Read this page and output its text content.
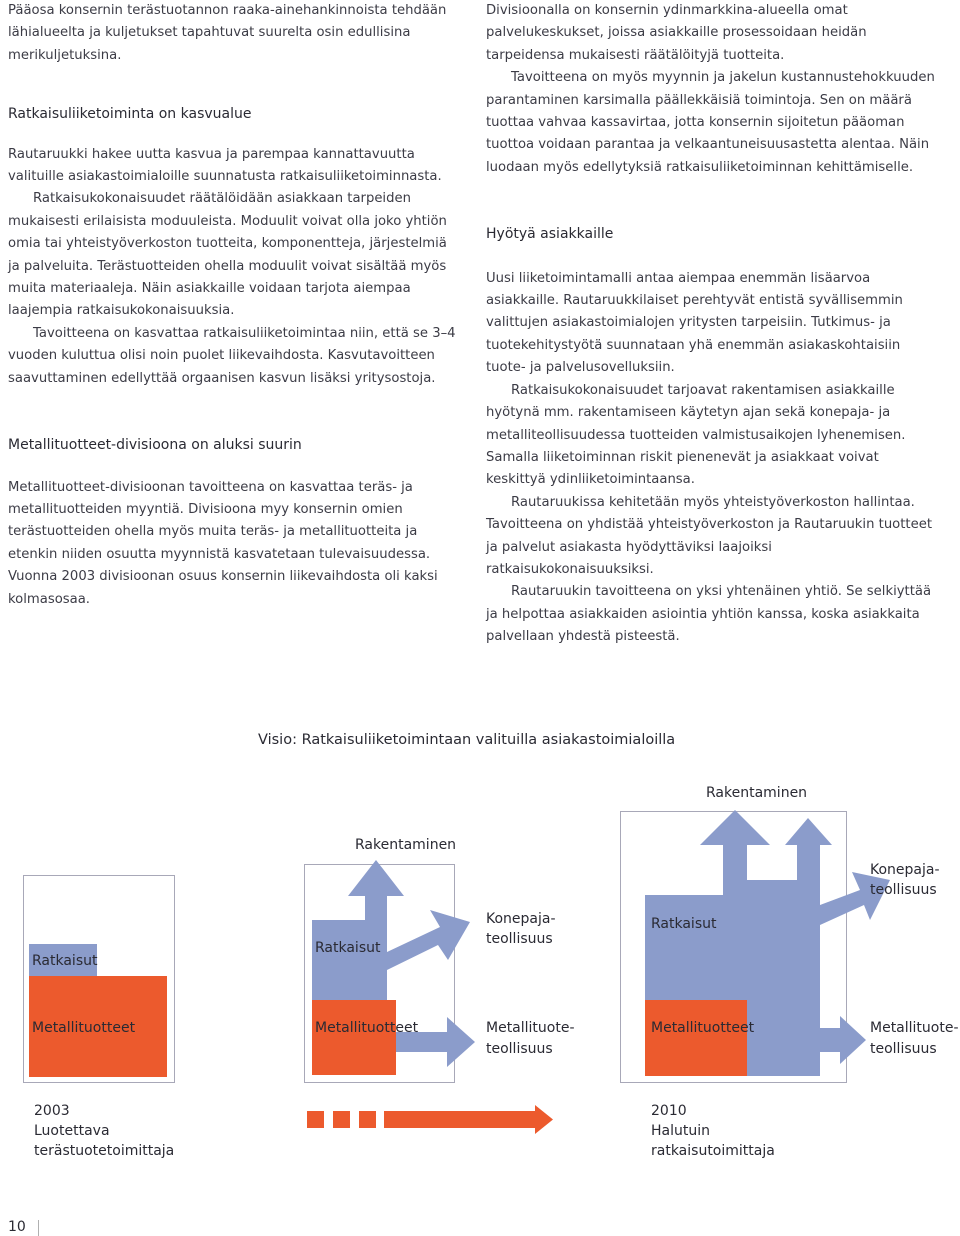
Pääosa konsernin terästuotannon raaka-ainehankinnoista tehdään lähialueelta ja kuljetukset tapahtuvat suurelta osin edullisina merikuljetuksina.

Ratkaisuliiketoiminta on kasvualue

Rautaruukki hakee uutta kasvua ja parempaa kannattavuutta valituille asiakastoimialoille suunnatusta ratkaisuliiketoiminnasta.

Ratkaisukokonaisuudet räätälöidään asiakkaan tarpeiden mukaisesti erilaisista moduuleista. Moduulit voivat olla joko yhtiön omia tai yhteistyöverkoston tuotteita, komponentteja, järjestelmiä ja palveluita. Terästuotteiden ohella moduulit voivat sisältää myös muita materiaaleja. Näin asiakkaille voidaan tarjota aiempaa laajempia ratkaisukokonaisuuksia.

Tavoitteena on kasvattaa ratkaisuliiketoimintaa niin, että se 3–4 vuoden kuluttua olisi noin puolet liikevaihdosta. Kasvutavoitteen saavuttaminen edellyttää orgaanisen kasvun lisäksi yritysostoja.

Metallituotteet-divisioona on aluksi suurin

Metallituotteet-divisioonan tavoitteena on kasvattaa teräs- ja metallituotteiden myyntiä. Divisioona myy konsernin omien terästuotteiden ohella myös muita teräs- ja metallituotteita ja etenkin niiden osuutta myynnistä kasvatetaan tulevaisuudessa. Vuonna 2003 divisioonan osuus konsernin liikevaihdosta oli kaksi kolmasosaa.

Divisioonalla on konsernin ydinmarkkina-alueella omat palvelukeskukset, joissa asiakkaille prosessoidaan heidän tarpeidensa mukaisesti räätälöityjä tuotteita.

Tavoitteena on myös myynnin ja jakelun kustannustehokkuuden parantaminen karsimalla päällekkäisiä toimintoja. Sen on määrä tuottaa vahvaa kassavirtaa, jotta konsernin sijoitetun pääoman tuottoa voidaan parantaa ja velkaantuneisuusastetta alentaa. Näin luodaan myös edellytyksiä ratkaisuliiketoiminnan kehittämiselle.

Hyötyä asiakkaille

Uusi liiketoimintamalli antaa aiempaa enemmän lisäarvoa asiakkaille. Rautaruukkilaiset perehtyvät entistä syvällisemmin valittujen asiakastoimialojen yritysten tarpeisiin. Tutkimus- ja tuotekehitystyötä suunnataan yhä enemmän asiakaskohtaisiin tuote- ja palvelusovelluksiin.

Ratkaisukokonaisuudet tarjoavat rakentamisen asiakkaille hyötynä mm. rakentamiseen käytetyn ajan sekä konepaja- ja metalliteollisuudessa tuotteiden valmistusaikojen lyhenemisen. Samalla liiketoiminnan riskit pienenevät ja asiakkaat voivat keskittyä ydinliiketoimintaansa.

Rautaruukissa kehitetään myös yhteistyöverkoston hallintaa. Tavoitteena on yhdistää yhteistyöverkoston ja Rautaruukin tuotteet ja palvelut asiakasta hyödyttäviksi laajoiksi ratkaisukokonaisuuksiksi.

Rautaruukin tavoitteena on yksi yhtenäinen yhtiö. Se selkiyttää ja helpottaa asiakkaiden asiointia yhtiön kanssa, koska asiakkaita palvellaan yhdestä pisteestä.

Visio: Ratkaisuliiketoimintaan valituilla asiakastoimialoilla

Ratkaisut

Metallituotteet

2003

Luotettava

terästuotetoimittaja

Rakentaminen

Ratkaisut

Konepaja-

teollisuus

Metallituotteet	Metallituote-

teollisuus

Rakentaminen

Ratkaisut

Konepaja-

teollisuus

Metallituotteet	Metallituote-

teollisuus

2010

Halutuin

ratkaisutoimittaja

10
